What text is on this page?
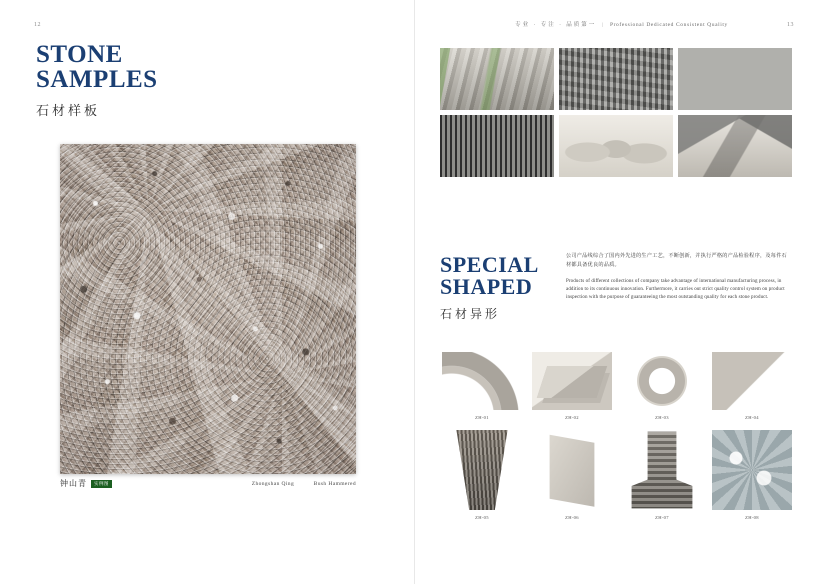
12
STONE
SAMPLES
石材样板
钟山青	实例图	Zhongshan Qing	Bush Hammered
专业 · 专注 · 品质第一 | Professional Dedicated Consistent Quality	13
SPECIAL
SHAPED
石材异形
公司产品线综合了国内外先进的生产工艺，不断创新，并执行严格的产品检验程序，及每件石材都具备优良的品质。
Products of different collections of company take advantage of international manufacturing process, in addition to its continuous innovation. Furthermore, it carries out strict quality control system on product inspection with the purpose of guaranteeing the most outstanding quality for each stone product.
ZH-01	ZH-02	ZH-03	ZH-04
ZH-05	ZH-06	ZH-07	ZH-08
